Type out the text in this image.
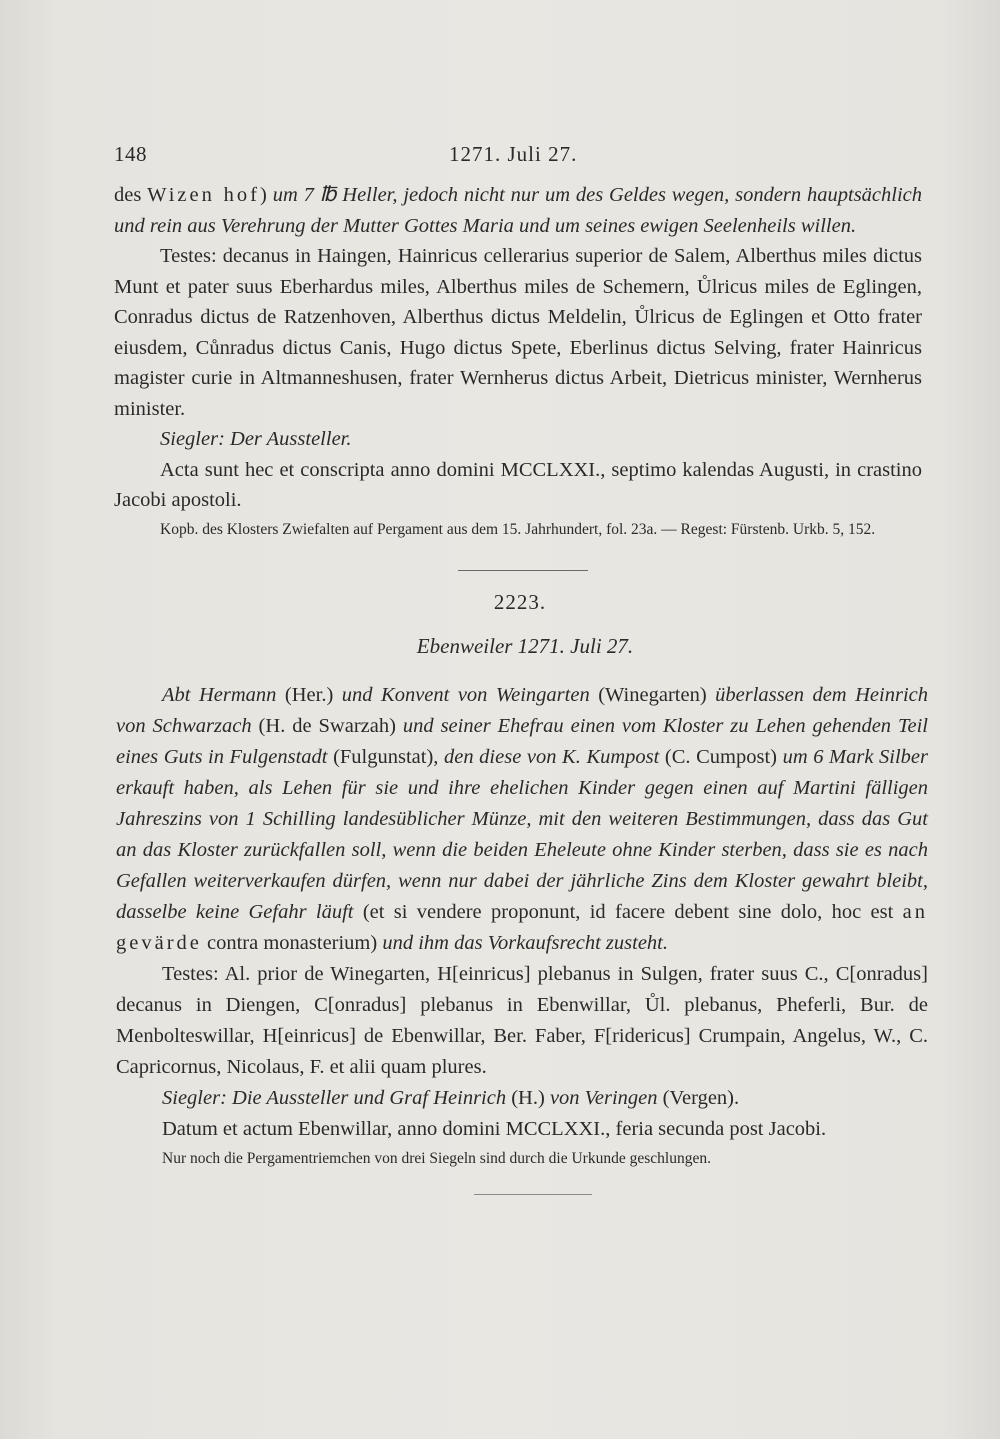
148	1271. Juli 27.

des Wizen hof) um 7 ℔ Heller, jedoch nicht nur um des Geldes wegen, sondern hauptsächlich und rein aus Verehrung der Mutter Gottes Maria und um seines ewigen Seelenheils willen.

Testes: decanus in Haingen, Hainricus cellerarius superior de Salem, Alberthus miles dictus Munt et pater suus Eberhardus miles, Alberthus miles de Schemern, Ůlricus miles de Eglingen, Conradus dictus de Ratzenhoven, Alberthus dictus Meldelin, Ůlricus de Eglingen et Otto frater eiusdem, Cůnradus dictus Canis, Hugo dictus Spete, Eberlinus dictus Selving, frater Hainricus magister curie in Altmanneshusen, frater Wernherus dictus Arbeit, Dietricus minister, Wernherus minister.

Siegler: Der Aussteller.

Acta sunt hec et conscripta anno domini MCCLXXI., septimo kalendas Augusti, in crastino Jacobi apostoli.

Kopb. des Klosters Zwiefalten auf Pergament aus dem 15. Jahrhundert, fol. 23a. — Regest: Fürstenb. Urkb. 5, 152.

2223.
Ebenweiler 1271. Juli 27.

Abt Hermann (Her.) und Konvent von Weingarten (Winegarten) überlassen dem Heinrich von Schwarzach (H. de Swarzah) und seiner Ehefrau einen vom Kloster zu Lehen gehenden Teil eines Guts in Fulgenstadt (Fulgunstat), den diese von K. Kumpost (C. Cumpost) um 6 Mark Silber erkauft haben, als Lehen für sie und ihre ehelichen Kinder gegen einen auf Martini fälligen Jahreszins von 1 Schilling landesüblicher Münze, mit den weiteren Bestimmungen, dass das Gut an das Kloster zurückfallen soll, wenn die beiden Eheleute ohne Kinder sterben, dass sie es nach Gefallen weiterverkaufen dürfen, wenn nur dabei der jährliche Zins dem Kloster gewahrt bleibt, dasselbe keine Gefahr läuft (et si vendere proponunt, id facere debent sine dolo, hoc est an gevärde contra monasterium) und ihm das Vorkaufsrecht zusteht.

Testes: Al. prior de Winegarten, H[einricus] plebanus in Sulgen, frater suus C., C[onradus] decanus in Diengen, C[onradus] plebanus in Ebenwillar, Ůl. plebanus, Pheferli, Bur. de Menbolteswillar, H[einricus] de Ebenwillar, Ber. Faber, F[ridericus] Crumpain, Angelus, W., C. Capricornus, Nicolaus, F. et alii quam plures.

Siegler: Die Aussteller und Graf Heinrich (H.) von Veringen (Vergen).

Datum et actum Ebenwillar, anno domini MCCLXXI., feria secunda post Jacobi.

Nur noch die Pergamentriemchen von drei Siegeln sind durch die Urkunde geschlungen.
